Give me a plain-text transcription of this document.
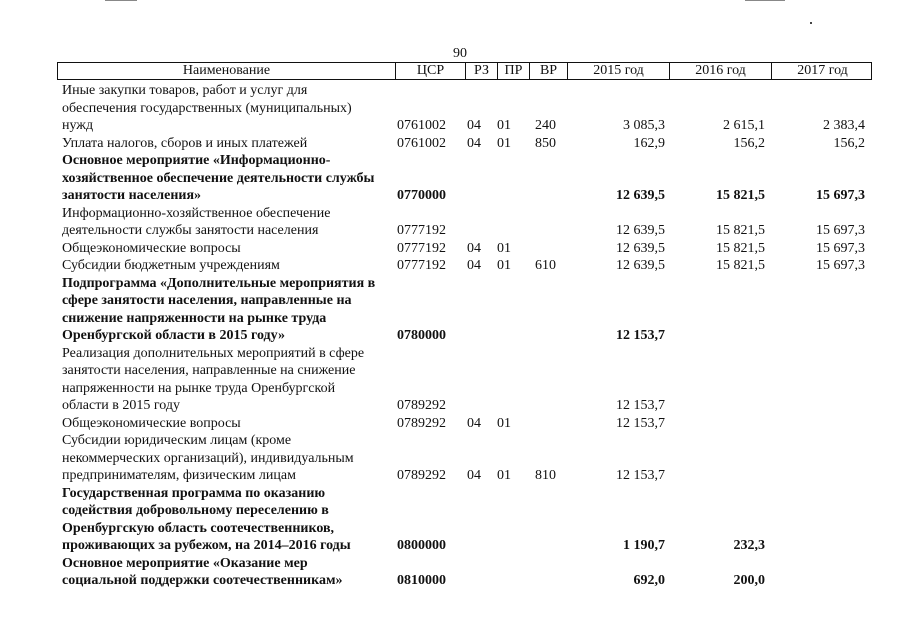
90
Наименование	ЦСР	РЗ	ПР	ВР	2015 год	2016 год	2017 год
Иные закупки товаров, работ и услуг для обеспечения государственных (муниципальных) нужд	0761002 04 01 240	3 085,3	2 615,1	2 383,4
Уплата налогов, сборов и иных платежей	0761002 04 01 850	162,9	156,2	156,2
Основное мероприятие «Информационно-хозяйственное обеспечение деятельности службы занятости населения»	0770000	12 639,5	15 821,5	15 697,3
Информационно-хозяйственное обеспечение деятельности службы занятости населения	0777192	12 639,5	15 821,5	15 697,3
Общеэкономические вопросы	0777192 04 01	12 639,5	15 821,5	15 697,3
Субсидии бюджетным учреждениям	0777192 04 01 610	12 639,5	15 821,5	15 697,3
Подпрограмма «Дополнительные мероприятия в сфере занятости населения, направленные на снижение напряженности на рынке труда Оренбургской области в 2015 году»	0780000	12 153,7
Реализация дополнительных мероприятий в сфере занятости населения, направленные на снижение напряженности на рынке труда Оренбургской области в 2015 году	0789292	12 153,7
Общеэкономические вопросы	0789292 04 01	12 153,7
Субсидии юридическим лицам (кроме некоммерческих организаций), индивидуальным предпринимателям, физическим лицам	0789292 04 01 810	12 153,7
Государственная программа по оказанию содействия добровольному переселению в Оренбургскую область соотечественников, проживающих за рубежом, на 2014–2016 годы	0800000	1 190,7	232,3
Основное мероприятие «Оказание мер социальной поддержки соотечественникам»	0810000	692,0	200,0
